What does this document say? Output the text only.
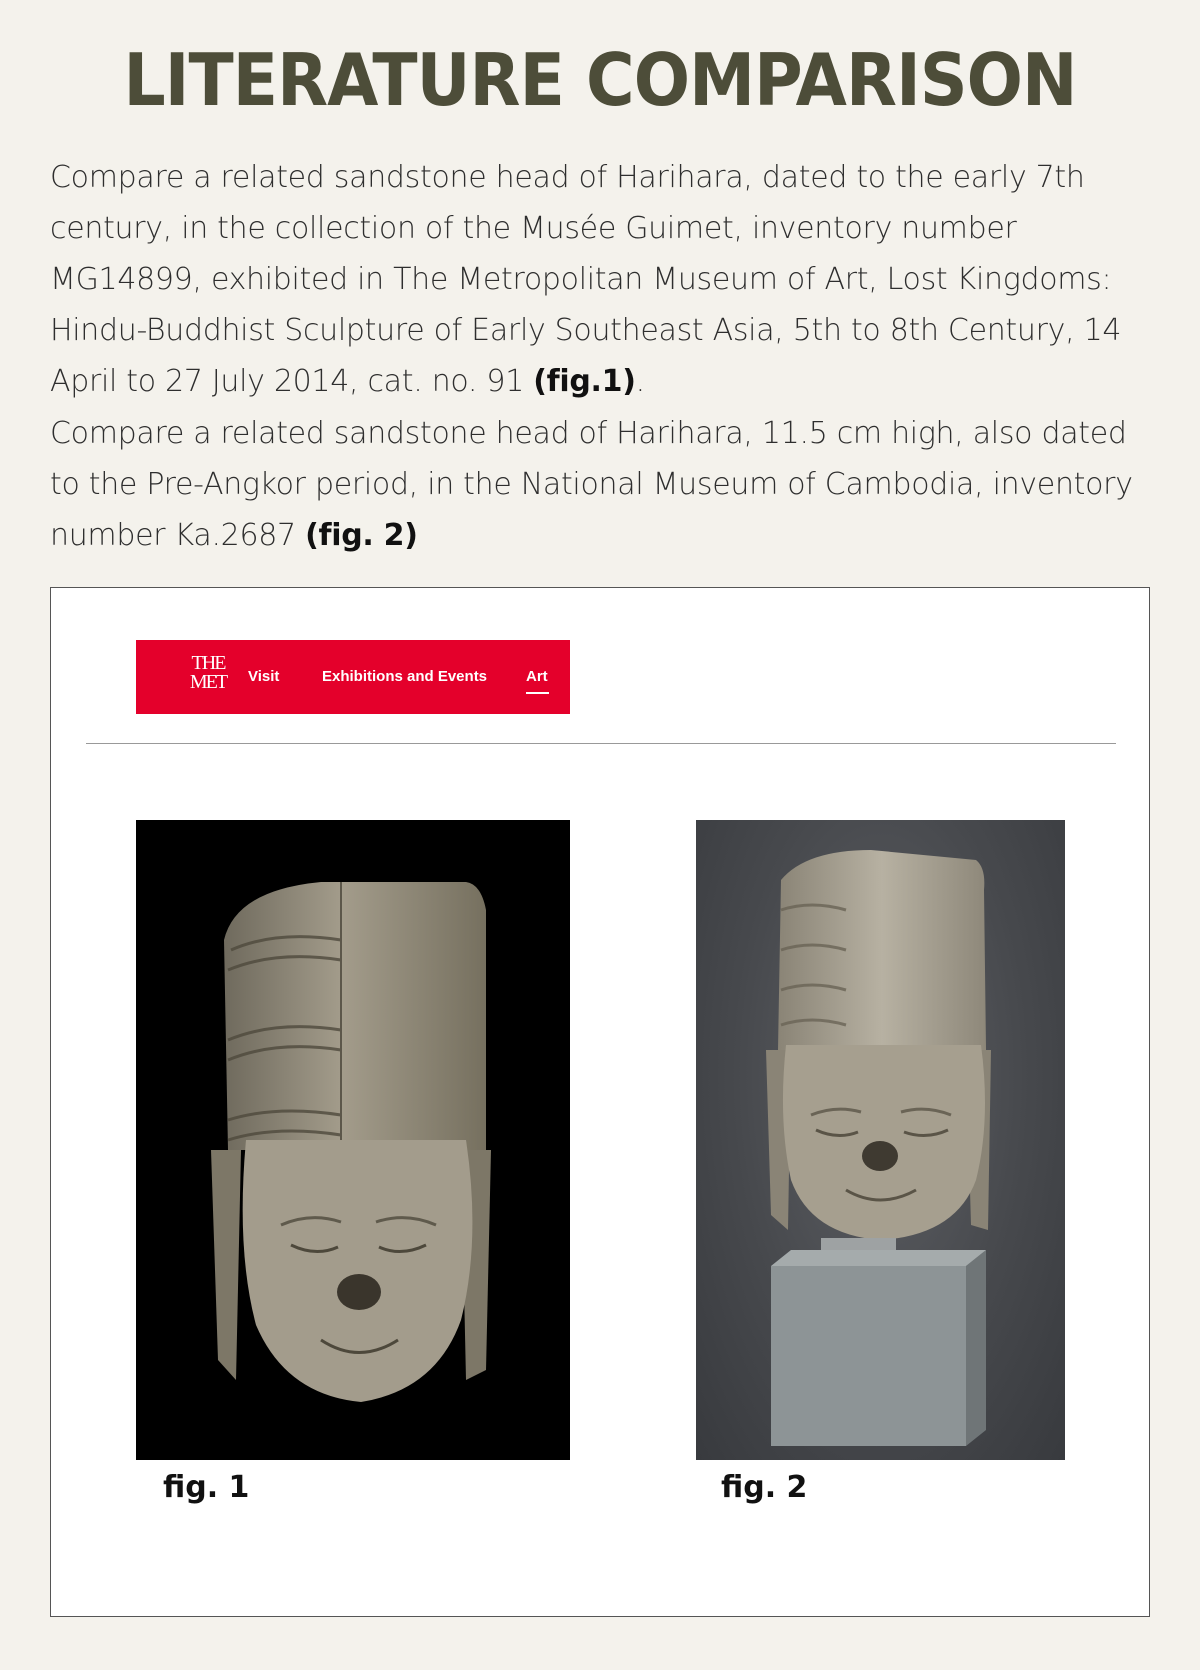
LITERATURE COMPARISON
Compare a related sandstone head of Harihara, dated to the early 7th century, in the collection of the Musée Guimet, inventory number MG14899, exhibited in The Metropolitan Museum of Art, Lost Kingdoms: Hindu-Buddhist Sculpture of Early Southeast Asia, 5th to 8th Century, 14 April to 27 July 2014, cat. no. 91 (fig.1).
Compare a related sandstone head of Harihara, 11.5 cm high, also dated to the Pre-Angkor period, in the National Museum of Cambodia, inventory number Ka.2687 (fig. 2)
THE
MET Visit	Exhibitions and Events	Art
fig. 1	fig. 2
